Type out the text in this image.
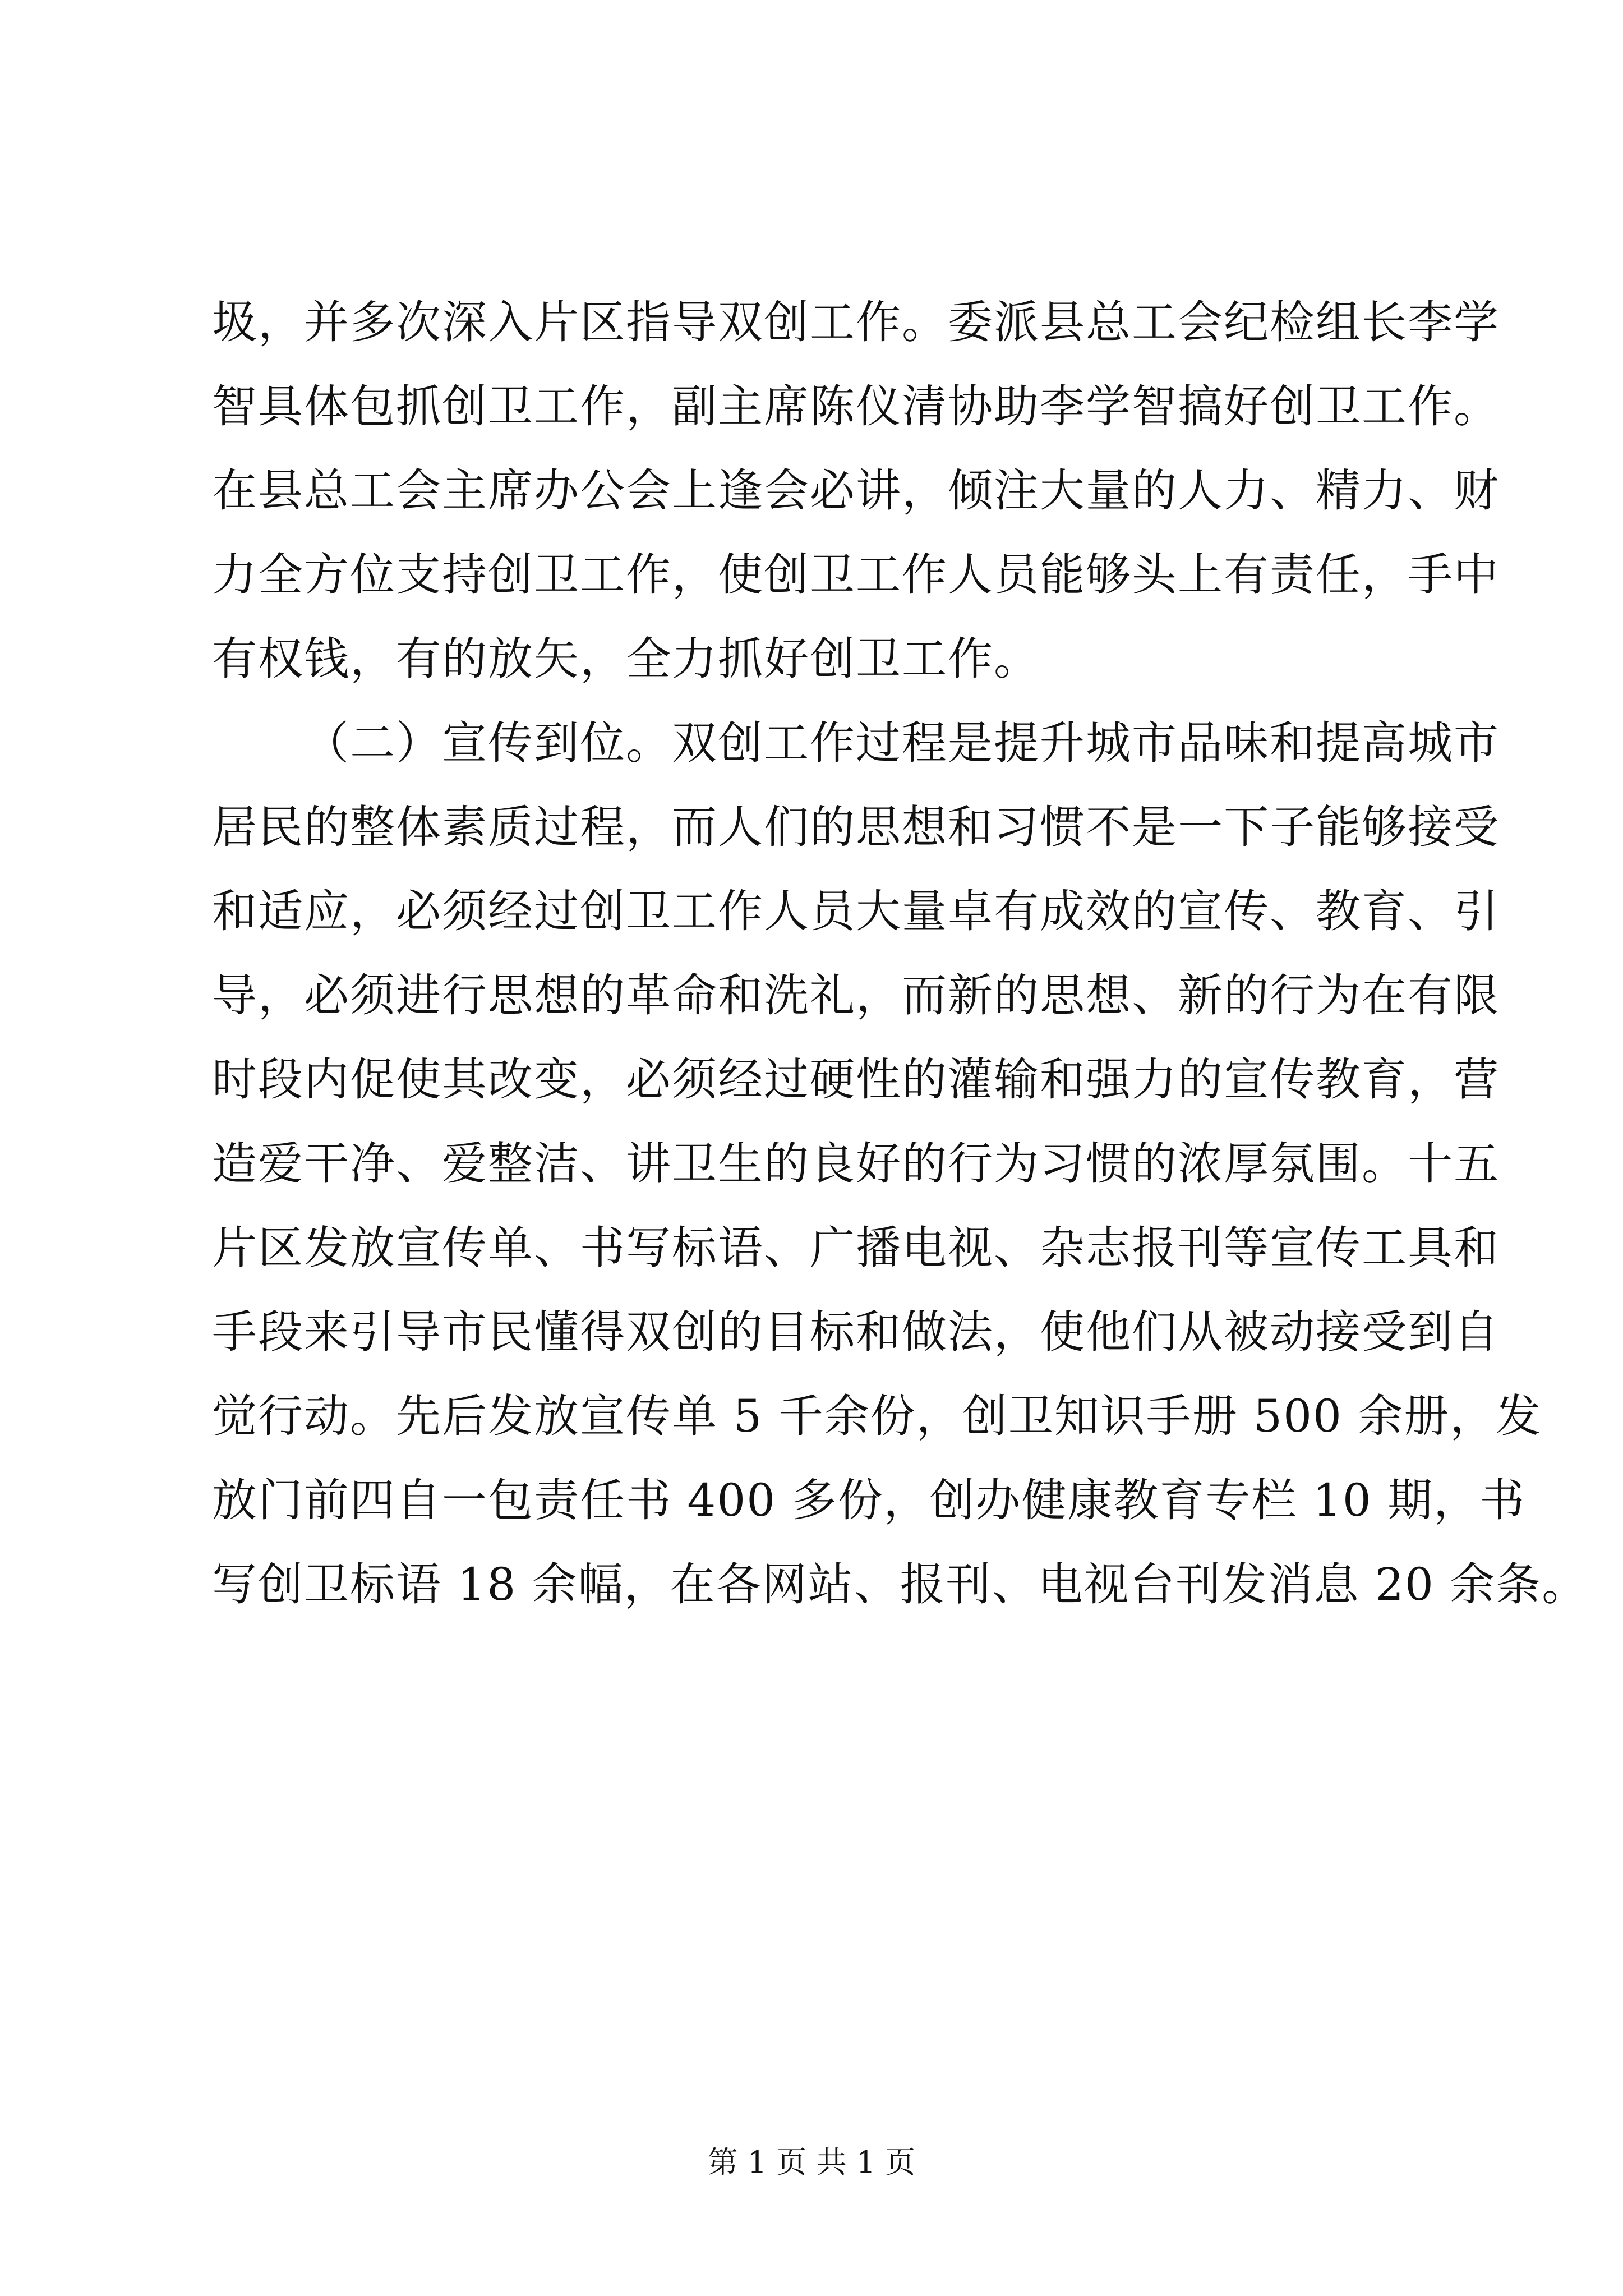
圾，并多次深入片区指导双创工作。委派县总工会纪检组长李学
智具体包抓创卫工作，副主席陈仪清协助李学智搞好创卫工作。
在县总工会主席办公会上逢会必讲，倾注大量的人力、精力、财
力全方位支持创卫工作，使创卫工作人员能够头上有责任，手中
有权钱，有的放矢，全力抓好创卫工作。
（二）宣传到位。双创工作过程是提升城市品味和提高城市
居民的整体素质过程，而人们的思想和习惯不是一下子能够接受
和适应，必须经过创卫工作人员大量卓有成效的宣传、教育、引
导，必须进行思想的革命和洗礼，而新的思想、新的行为在有限
时段内促使其改变，必须经过硬性的灌输和强力的宣传教育，营
造爱干净、爱整洁、讲卫生的良好的行为习惯的浓厚氛围。十五
片区发放宣传单、书写标语、广播电视、杂志报刊等宣传工具和
手段来引导市民懂得双创的目标和做法，使他们从被动接受到自
觉行动。先后发放宣传单 5 千余份，创卫知识手册 500 余册，发
放门前四自一包责任书 400 多份，创办健康教育专栏 10 期，书
写创卫标语 18 余幅，在各网站、报刊、电视台刊发消息 20 余条。
第 1 页 共 1 页
